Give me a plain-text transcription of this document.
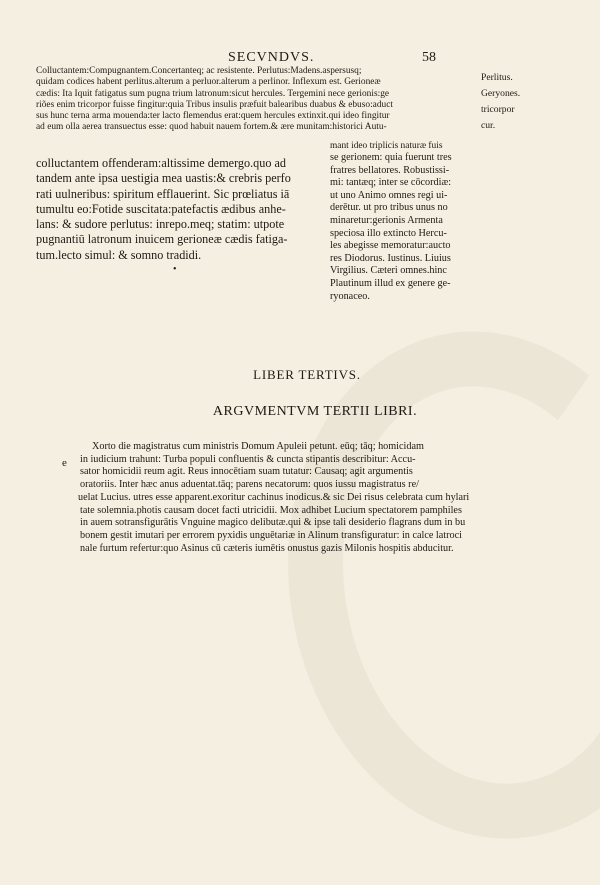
SECVNDVS.	58
Colluctantem:Compugnantem.Concertanteq; ac resistente. Perlutus:Madens.aspersusq;
quidam codices habent perlitus.alterum a perluor.alterum a perlinor. Inflexum est. Gerioneæ
cædis: Ita Iquit fatigatus sum pugna trium latronum:sicut hercules. Tergemini nece gerionis:ge
riões enim tricorpor fuisse fingitur:quia Tribus insulis præfuit balearibus duabus & ebuso:aduct
sus hunc terna arma mouenda:ter lacto flemendus erat:quem hercules extinxit.qui ideo fingitur
ad eum olla aerea transuectus esse: quod habuit nauem fortem.& ære munitam:historici Autu-
Perlitus.
Geryones.
tricorpor
cur.
mant ideo triplicis naturæ fuis
colluctantem offenderam:altissime demergo.quo ad
tandem ante ipsa uestigia mea uastis:& crebris perfo
rati uulneribus: spiritum efflauerint. Sic prœliatus iā
tumultu eo:Fotide suscitata:patefactis ædibus anhe-
lans: & sudore perlutus: inrepo.meq; statim: utpote
pugnantiū latronum inuicem gerioneæ cædis fatiga-
tum.lecto simul: & somno tradidi.
se gerionem: quia fuerunt tres
fratres bellatores. Robustissi-
mi: tantæq; inter se cōcordiæ:
ut uno Animo omnes regi ui-
derētur. ut pro tribus unus no
minaretur:gerionis Armenta
speciosa illo extincto Hercu-
les abegisse memoratur:aucto
res Diodorus. Iustinus. Liuius
Virgilius. Cæteri omnes.hinc
Plautinum illud ex genere ge-
ryonaceo.
•
LIBER TERTIVS.
ARGVMENTVM TERTII LIBRI.
e
Xorto die magistratus cum ministris Domum Apuleii petunt. eūq; tāq; homicidam
in iudicium trahunt: Turba populi confluentis & cuncta stipantis describitur: Accu-
sator homicidii reum agit. Reus innocētiam suam tutatur: Causaq; agit argumentis
oratoriis. Inter hæc anus aduentat.tāq; parens necatorum: quos iussu magistratus re/
uelat Lucius. utres esse apparent.exoritur cachinus inodicus.& sic Dei risus celebrata cum hylari
tate solemnia.photis causam docet facti utricidii. Mox adhibet Lucium spectatorem pamphiles
in auem sotransfigurātis Vnguine magico delibutæ.qui & ipse tali desiderio flagrans dum in bu
bonem gestit imutari per errorem pyxidis unguētariæ in Alinum transfiguratur: in calce latroci
nale furtum refertur:quo Asinus cū cæteris iumētis onustus gazis Milonis hospitis abducitur.
